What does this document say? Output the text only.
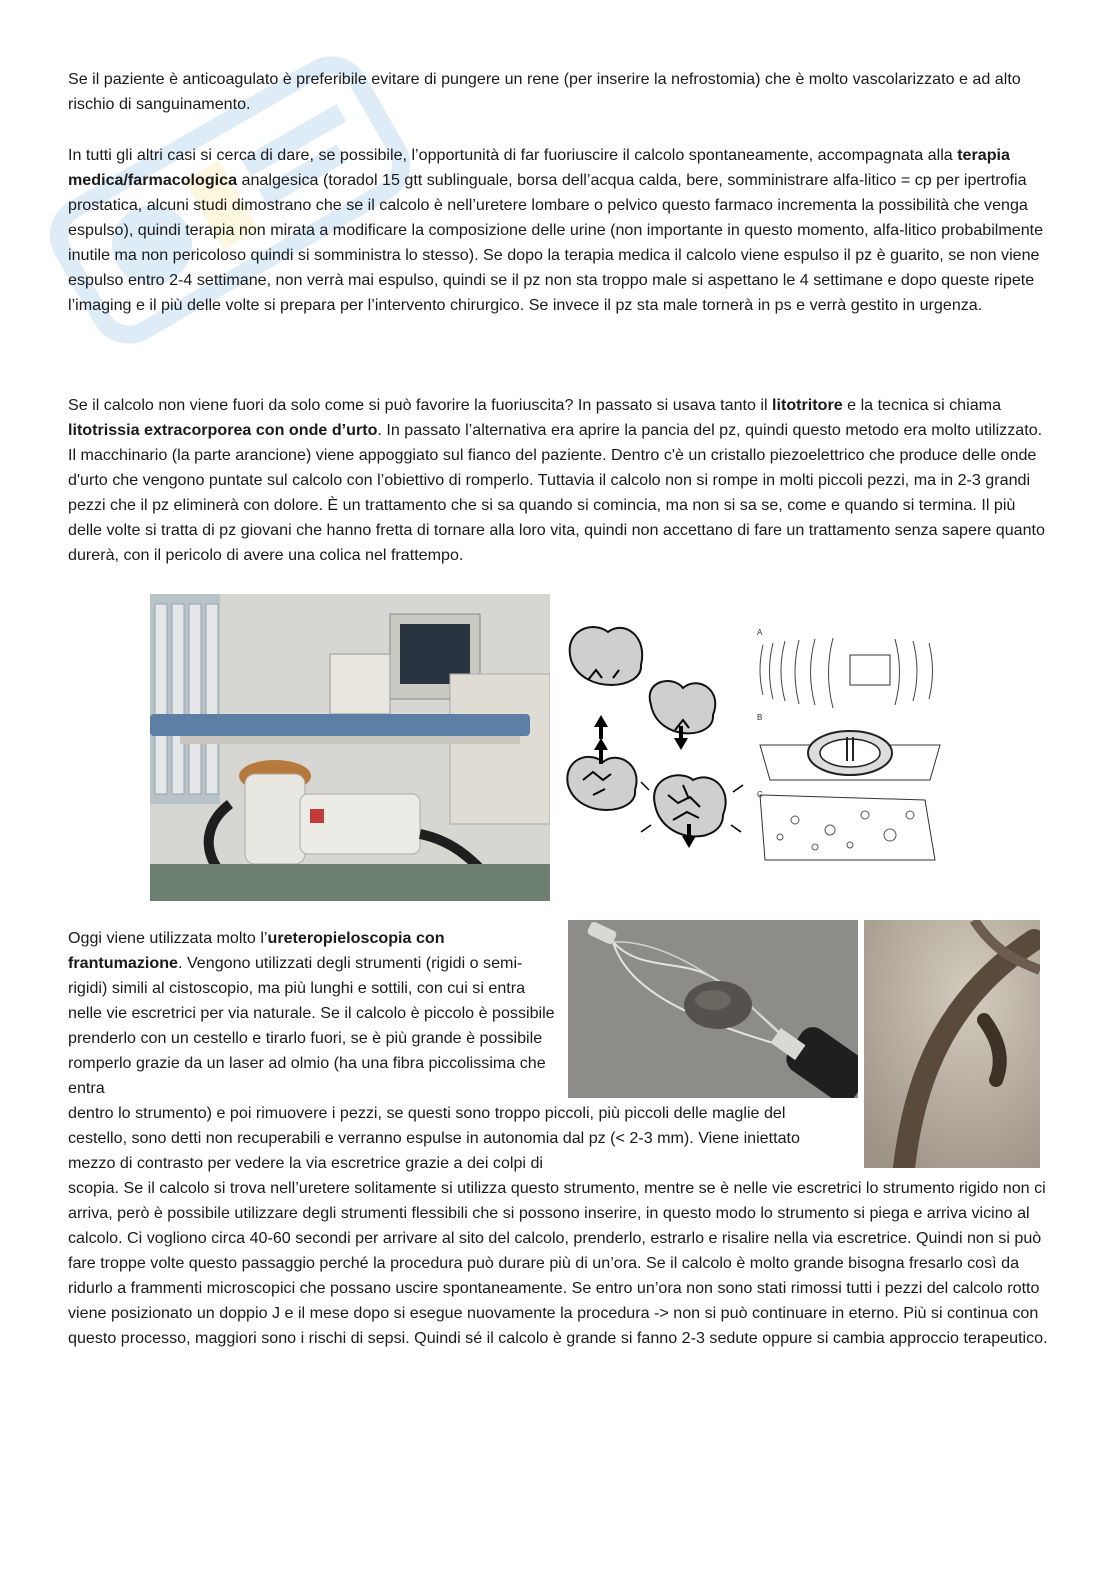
Se il paziente è anticoagulato è preferibile evitare di pungere un rene (per inserire la nefrostomia) che è molto vascolarizzato e ad alto rischio di sanguinamento.

In tutti gli altri casi si cerca di dare, se possibile, l’opportunità di far fuoriuscire il calcolo spontaneamente, accompagnata alla terapia medica/farmacologica analgesica (toradol 15 gtt sublinguale, borsa dell’acqua calda, bere, somministrare alfa-litico = cp per ipertrofia prostatica, alcuni studi dimostrano che se il calcolo è nell’uretere lombare o pelvico questo farmaco incrementa la possibilità che venga espulso), quindi terapia non mirata a modificare la composizione delle urine (non importante in questo momento, alfa-litico probabilmente inutile ma non pericoloso quindi si somministra lo stesso). Se dopo la terapia medica il calcolo viene espulso il pz è guarito, se non viene espulso entro 2-4 settimane, non verrà mai espulso, quindi se il pz non sta troppo male si aspettano le 4 settimane e dopo queste ripete l’imaging e il più delle volte si prepara per l’intervento chirurgico. Se invece il pz sta male tornerà in ps e verrà gestito in urgenza.

Se il calcolo non viene fuori da solo come si può favorire la fuoriuscita? In passato si usava tanto il litotritore e la tecnica si chiama litotrissia extracorporea con onde d’urto. In passato l’alternativa era aprire la pancia del pz, quindi questo metodo era molto utilizzato. Il macchinario (la parte arancione) viene appoggiato sul fianco del paziente. Dentro c'è un cristallo piezoelettrico che produce delle onde d'urto che vengono puntate sul calcolo con l’obiettivo di romperlo. Tuttavia il calcolo non si rompe in molti piccoli pezzi, ma in 2-3 grandi pezzi che il pz eliminerà con dolore. È un trattamento che si sa quando si comincia, ma non si sa se, come e quando si termina. Il più delle volte si tratta di pz giovani che hanno fretta di tornare alla loro vita, quindi non accettano di fare un trattamento senza sapere quanto durerà, con il pericolo di avere una colica nel frattempo.

A
B
C

Oggi viene utilizzata molto l’ureteropieloscopia con frantumazione. Vengono utilizzati degli strumenti (rigidi o semi-rigidi) simili al cistoscopio, ma più lunghi e sottili, con cui si entra nelle vie escretrici per via naturale. Se il calcolo è piccolo è possibile prenderlo con un cestello e tirarlo fuori, se è più grande è possibile romperlo grazie da un laser ad olmio (ha una fibra piccolissima che entra

dentro lo strumento) e poi rimuovere i pezzi, se questi sono troppo piccoli, più piccoli delle maglie del cestello, sono detti non recuperabili e verranno espulse in autonomia dal pz (< 2-3 mm). Viene iniettato mezzo di contrasto per vedere la via escretrice grazie a dei colpi di

scopia. Se il calcolo si trova nell’uretere solitamente si utilizza questo strumento, mentre se è nelle vie escretrici lo strumento rigido non ci arriva, però è possibile utilizzare degli strumenti flessibili che si possono inserire, in questo modo lo strumento si piega e arriva vicino al calcolo. Ci vogliono circa 40-60 secondi per arrivare al sito del calcolo, prenderlo, estrarlo e risalire nella via escretrice. Quindi non si può fare troppe volte questo passaggio perché la procedura può durare più di un’ora. Se il calcolo è molto grande bisogna fresarlo così da ridurlo a frammenti microscopici che possano uscire spontaneamente. Se entro un’ora non sono stati rimossi tutti i pezzi del calcolo rotto viene posizionato un doppio J e il mese dopo si esegue nuovamente la procedura -> non si può continuare in eterno. Più si continua con questo processo, maggiori sono i rischi di sepsi. Quindi sé il calcolo è grande si fanno 2-3 sedute oppure si cambia approccio terapeutico.
